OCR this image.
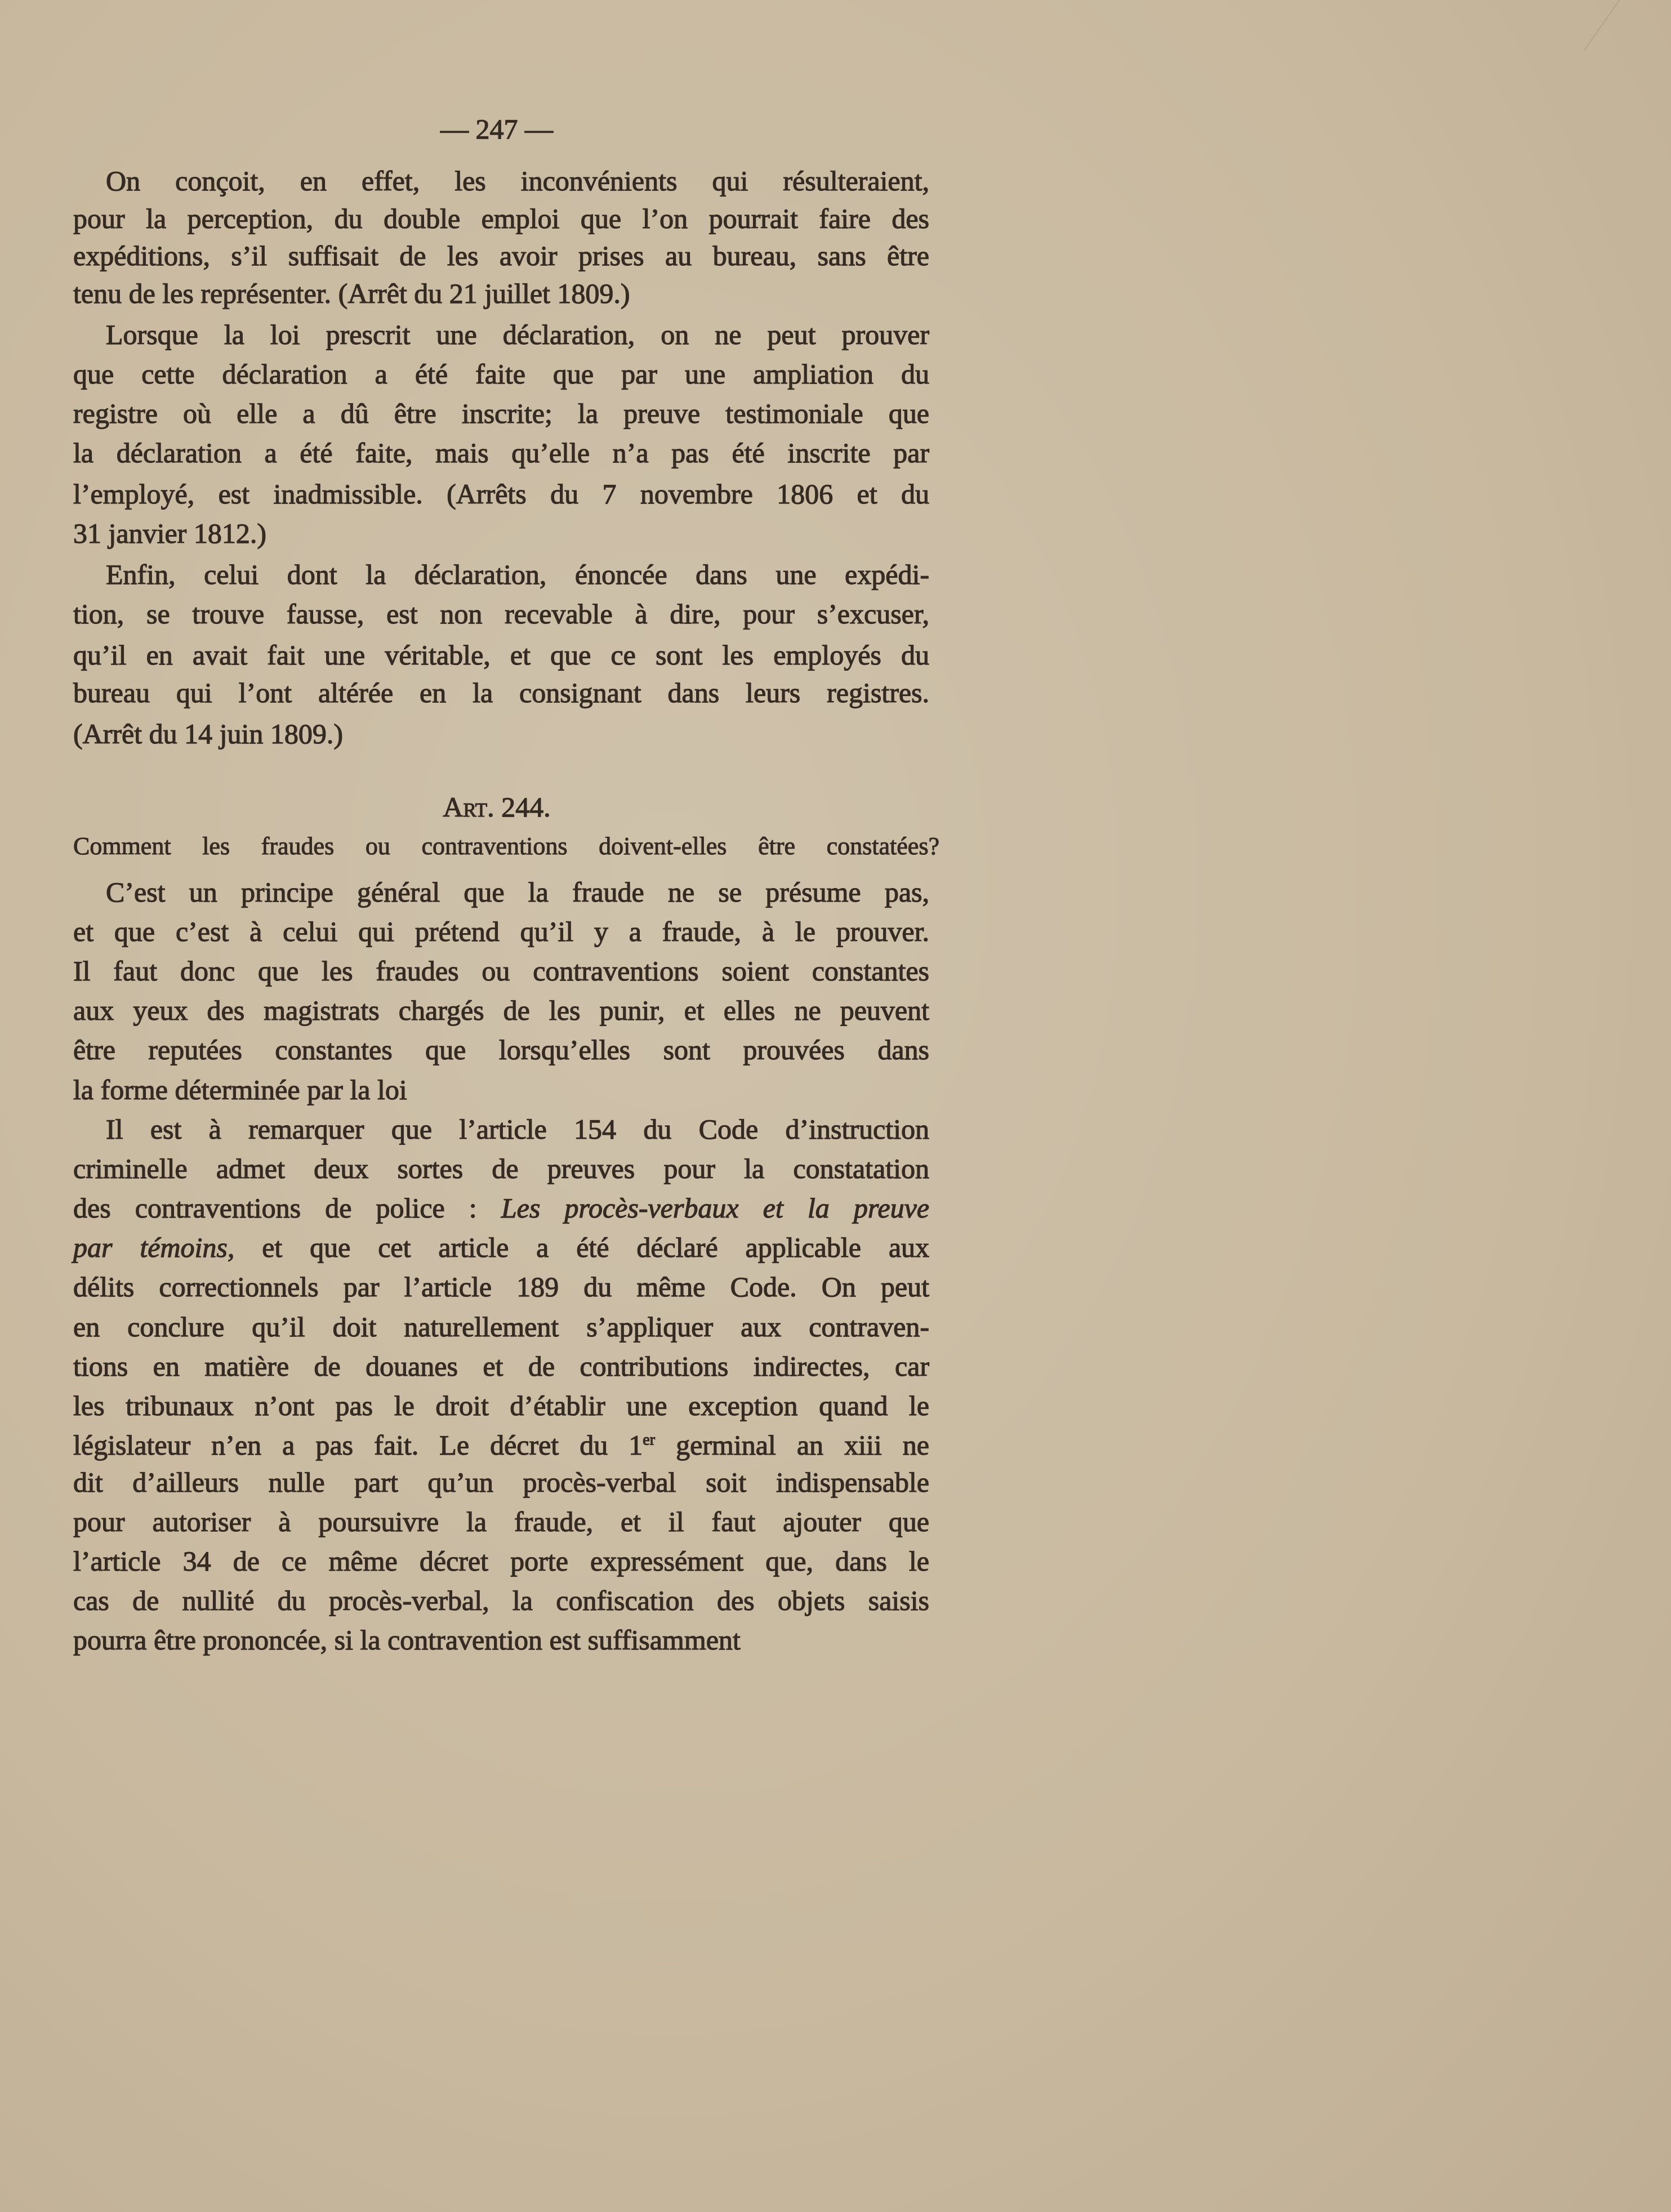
— 247 —
On conçoit, en effet, les inconvénients qui résulteraient,
pour la perception, du double emploi que l’on pourrait faire des
expéditions, s’il suffisait de les avoir prises au bureau, sans être
tenu de les représenter. (Arrêt du 21 juillet 1809.)
Lorsque la loi prescrit une déclaration, on ne peut prouver
que cette déclaration a été faite que par une ampliation du
registre où elle a dû être inscrite; la preuve testimoniale que
la déclaration a été faite, mais qu’elle n’a pas été inscrite par
l’employé, est inadmissible. (Arrêts du 7 novembre 1806 et du
31 janvier 1812.)
Enfin, celui dont la déclaration, énoncée dans une expédi-
tion, se trouve fausse, est non recevable à dire, pour s’excuser,
qu’il en avait fait une véritable, et que ce sont les employés du
bureau qui l’ont altérée en la consignant dans leurs registres.
(Arrêt du 14 juin 1809.)
Art. 244.
Comment les fraudes ou contraventions doivent-elles être constatées?
C’est un principe général que la fraude ne se présume pas,
et que c’est à celui qui prétend qu’il y a fraude, à le prouver.
Il faut donc que les fraudes ou contraventions soient constantes
aux yeux des magistrats chargés de les punir, et elles ne peuvent
être reputées constantes que lorsqu’elles sont prouvées dans
la forme déterminée par la loi
Il est à remarquer que l’article 154 du Code d’instruction
criminelle admet deux sortes de preuves pour la constatation
des contraventions de police : Les procès-verbaux et la preuve
par témoins, et que cet article a été déclaré applicable aux
délits correctionnels par l’article 189 du même Code. On peut
en conclure qu’il doit naturellement s’appliquer aux contraven-
tions en matière de douanes et de contributions indirectes, car
les tribunaux n’ont pas le droit d’établir une exception quand le
législateur n’en a pas fait. Le décret du 1er germinal an xiii ne
dit d’ailleurs nulle part qu’un procès-verbal soit indispensable
pour autoriser à poursuivre la fraude, et il faut ajouter que
l’article 34 de ce même décret porte expressément que, dans le
cas de nullité du procès-verbal, la confiscation des objets saisis
pourra être prononcée, si la contravention est suffisamment
